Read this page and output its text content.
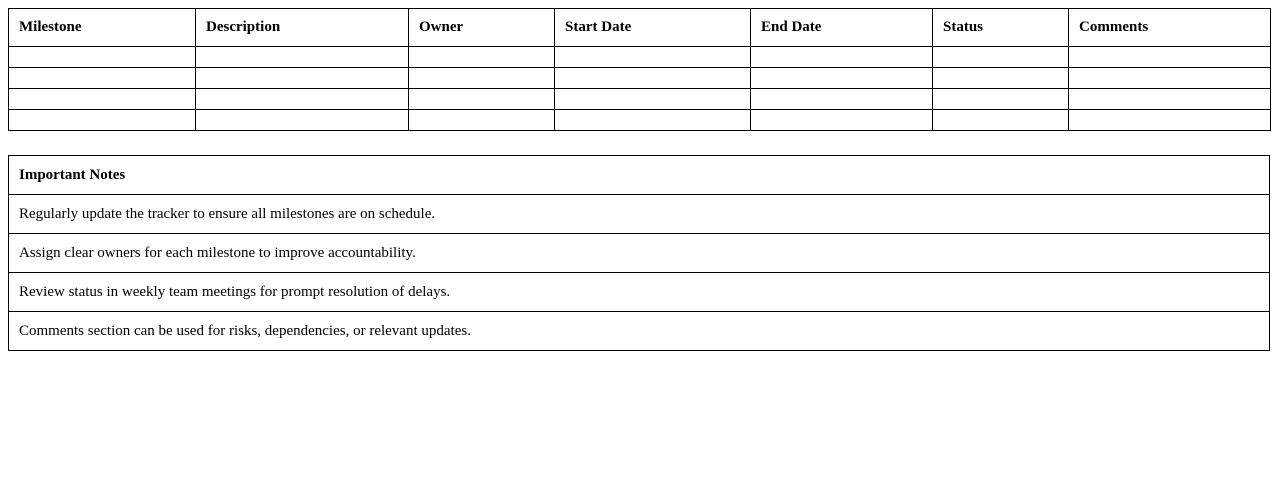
Milestone	Description	Owner	Start Date	End Date	Status	Comments

Important Notes
Regularly update the tracker to ensure all milestones are on schedule.
Assign clear owners for each milestone to improve accountability.
Review status in weekly team meetings for prompt resolution of delays.
Comments section can be used for risks, dependencies, or relevant updates.
